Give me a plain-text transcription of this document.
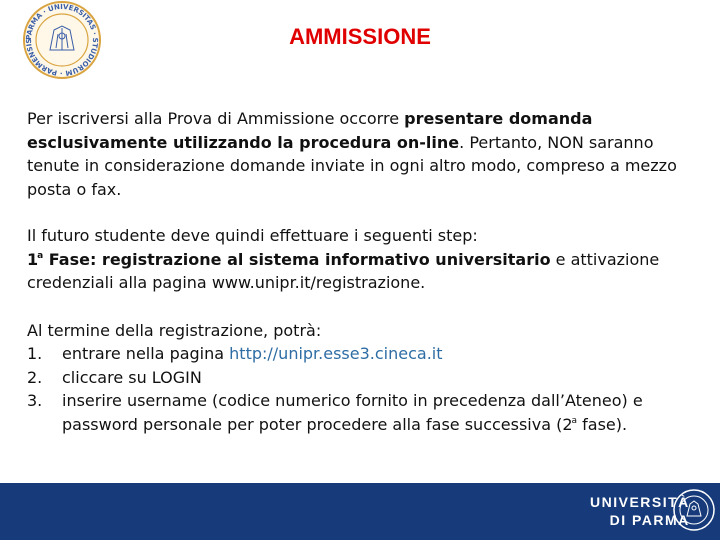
PARMA · UNIVERSITAS · STUDIORUM · PARMENSIS	AMMISSIONE

Per iscriversi alla Prova di Ammissione occorre presentare domanda esclusivamente utilizzando la procedura on-line. Pertanto, NON saranno tenute in considerazione domande inviate in ogni altro modo, compreso a mezzo posta o fax.

Il futuro studente deve quindi effettuare i seguenti step:
1$^a$ Fase: registrazione al sistema informativo universitario e attivazione credenziali alla pagina www.unipr.it/registrazione.

Al termine della registrazione, potrà:

1.	entrare nella pagina http://unipr.esse3.cineca.it
2.	cliccare su LOGIN
3.	inserire username (codice numerico fornito in precedenza dall’Ateneo) e password personale per poter procedere alla fase successiva (2$^a$ fase).
UNIVERSITÀ
DI PARMA
